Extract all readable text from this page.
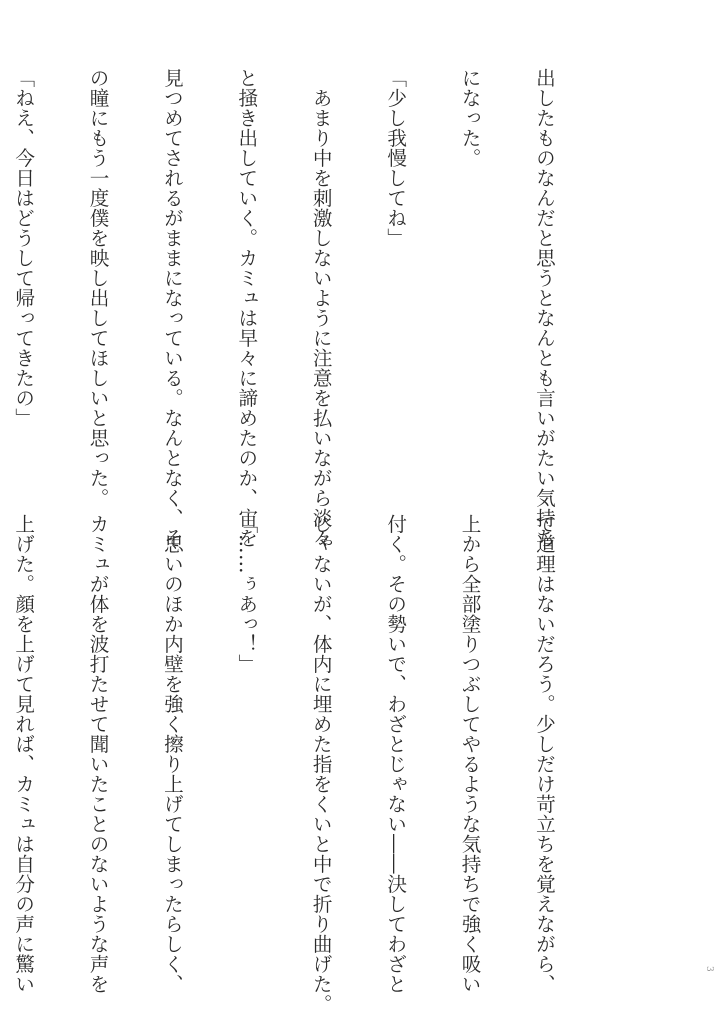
出したものなんだと思うとなんとも言いがたい気持ち

になった。

「少し我慢してね」

　あまり中を刺激しないように注意を払いながら淡々

と掻き出していく。カミュは早々に諦めたのか、宙を

見つめてされるがままになっている。なんとなく、そ

の瞳にもう一度僕を映し出してほしいと思った。

「ねえ、今日はどうして帰ってきたの」

て道理はないだろう。少しだけ苛立ちを覚えながら、

上から全部塗りつぶしてやるような気持ちで強く吸い

付く。その勢いで、わざとじゃない――決してわざと

じゃないが、体内に埋めた指をくいと中で折り曲げた。

「……ぅあっ！」

　思いのほか内壁を強く擦り上げてしまったらしく、

カミュが体を波打たせて聞いたことのないような声を

上げた。顔を上げて見れば、カミュは自分の声に驚い

	3
